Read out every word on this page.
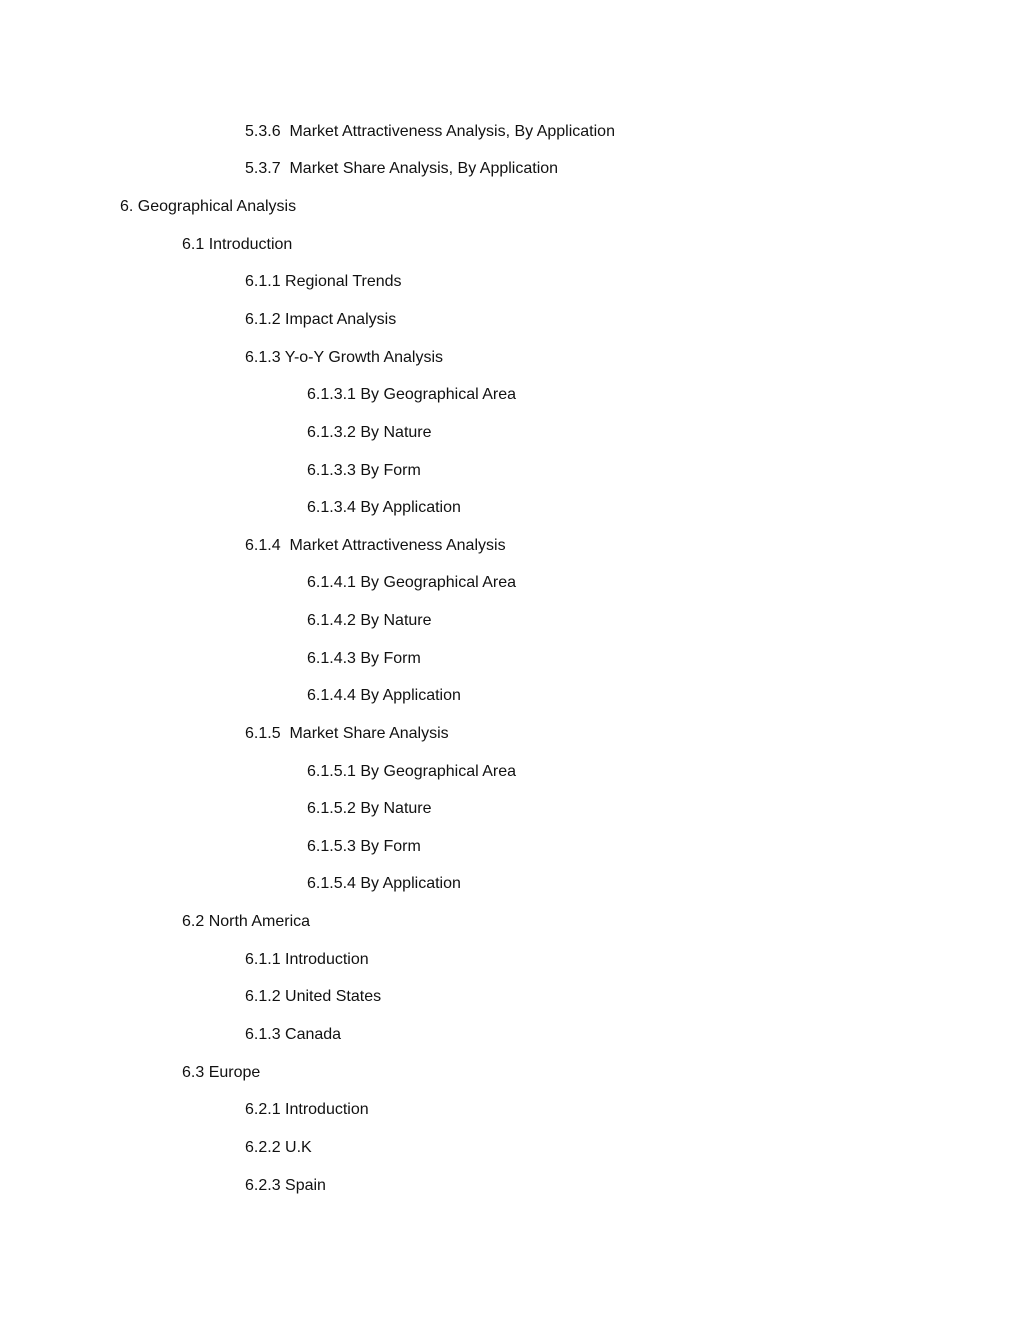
5.3.6  Market Attractiveness Analysis, By Application
5.3.7  Market Share Analysis, By Application
6. Geographical Analysis
6.1 Introduction
6.1.1 Regional Trends
6.1.2 Impact Analysis
6.1.3 Y-o-Y Growth Analysis
6.1.3.1 By Geographical Area
6.1.3.2 By Nature
6.1.3.3 By Form
6.1.3.4 By Application
6.1.4  Market Attractiveness Analysis
6.1.4.1 By Geographical Area
6.1.4.2 By Nature
6.1.4.3 By Form
6.1.4.4 By Application
6.1.5  Market Share Analysis
6.1.5.1 By Geographical Area
6.1.5.2 By Nature
6.1.5.3 By Form
6.1.5.4 By Application
6.2 North America
6.1.1 Introduction
6.1.2 United States
6.1.3 Canada
6.3 Europe
6.2.1 Introduction
6.2.2 U.K
6.2.3 Spain
